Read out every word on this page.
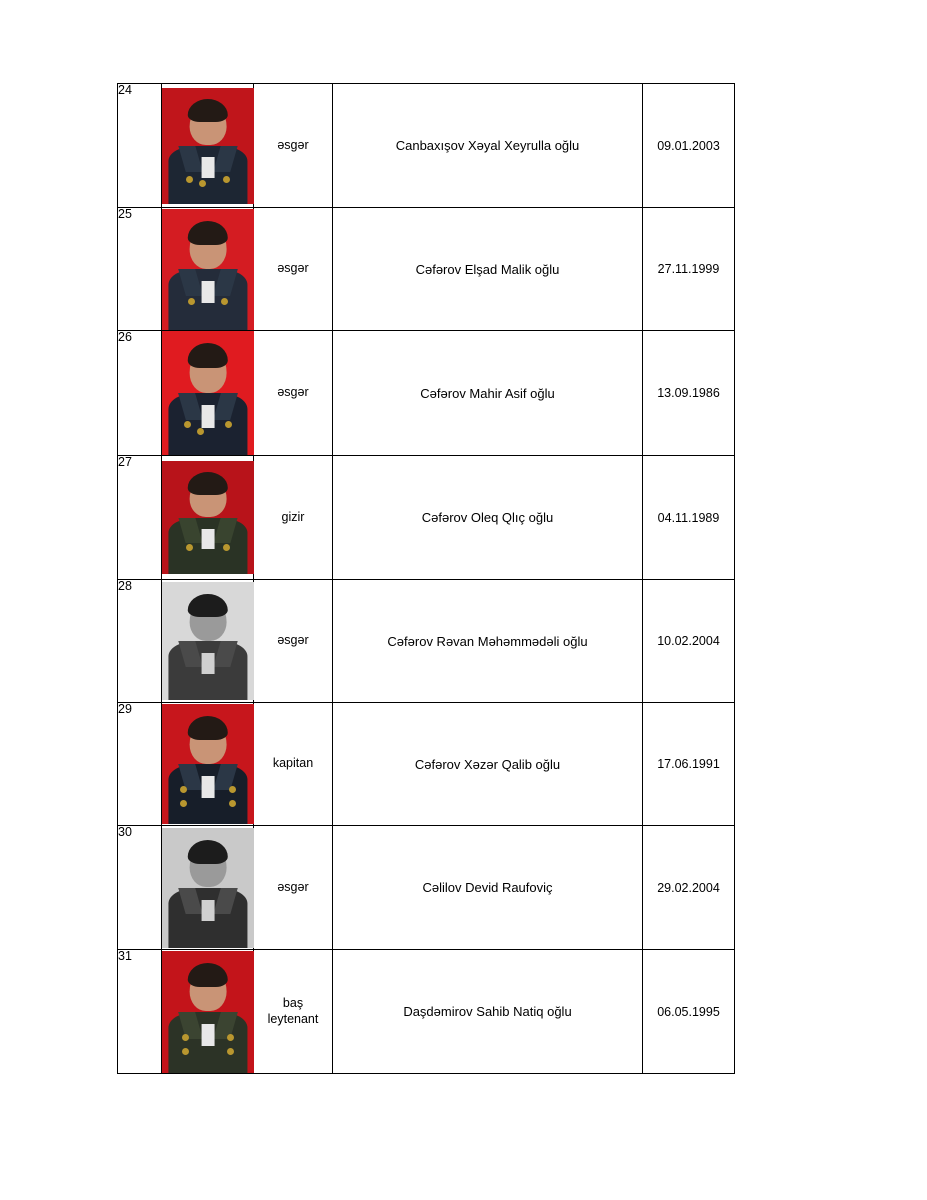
24		əsgər	Canbaxışov Xəyal Xeyrulla oğlu	09.01.2003
25		əsgər	Cəfərov Elşad Malik oğlu	27.11.1999
26		əsgər	Cəfərov Mahir Asif oğlu	13.09.1986
27		gizir	Cəfərov Oleq Qlıç oğlu	04.11.1989
28		əsgər	Cəfərov Rəvan Məhəmmədəli oğlu	10.02.2004
29		kapitan	Cəfərov Xəzər Qalib oğlu	17.06.1991
30		əsgər	Cəlilov Devid Raufoviç	29.02.2004
31		baş
leytenant	Daşdəmirov Sahib Natiq oğlu	06.05.1995
